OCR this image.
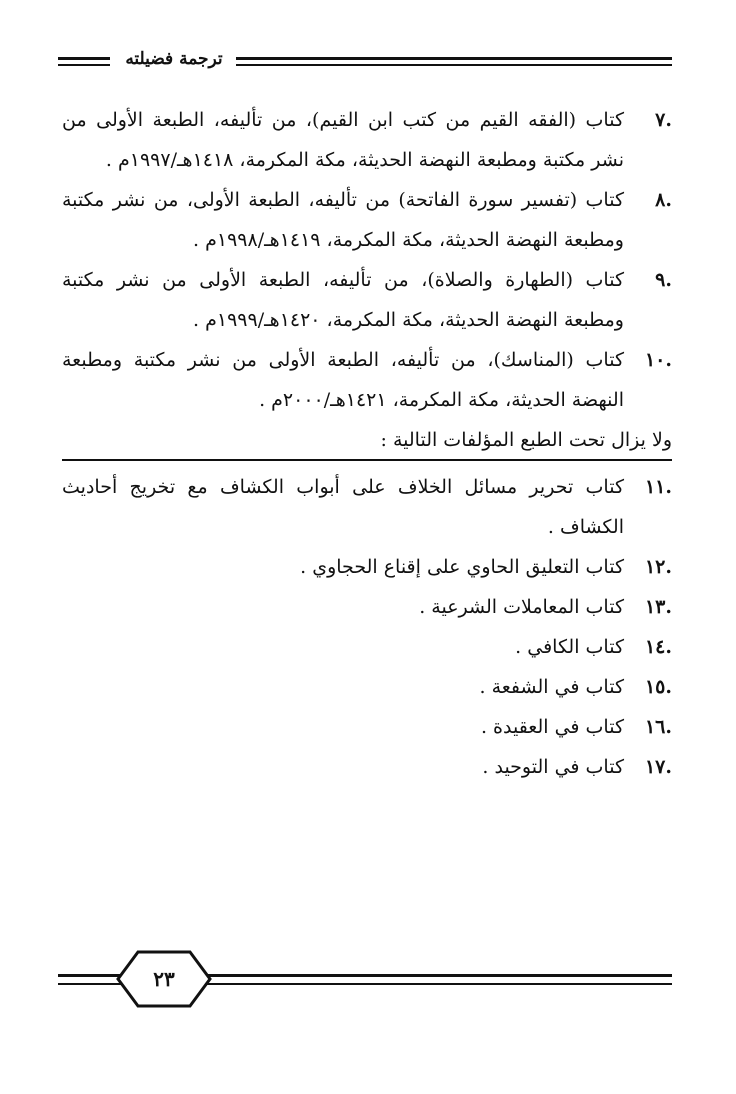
ترجمة فضيلته
.٧
كتاب (الفقه القيم من كتب ابن القيم)، من تأليفه، الطبعة الأولى من نشر مكتبة ومطبعة النهضة الحديثة، مكة المكرمة، ١٤١٨هـ/١٩٩٧م .
.٨
كتاب (تفسير سورة الفاتحة) من تأليفه، الطبعة الأولى، من نشر مكتبة ومطبعة النهضة الحديثة، مكة المكرمة، ١٤١٩هـ/١٩٩٨م .
.٩
كتاب (الطهارة والصلاة)، من تأليفه، الطبعة الأولى من نشر مكتبة ومطبعة النهضة الحديثة، مكة المكرمة، ١٤٢٠هـ/١٩٩٩م .
.١٠
كتاب (المناسك)، من تأليفه، الطبعة الأولى من نشر مكتبة ومطبعة النهضة الحديثة، مكة المكرمة، ١٤٢١هـ/٢٠٠٠م .
ولا يزال تحت الطبع المؤلفات التالية :
.١١
كتاب تحرير مسائل الخلاف على أبواب الكشاف مع تخريج أحاديث الكشاف .
.١٢
كتاب التعليق الحاوي على إقناع الحجاوي .
.١٣
كتاب المعاملات الشرعية .
.١٤
كتاب الكافي .
.١٥
كتاب في الشفعة .
.١٦
كتاب في العقيدة .
.١٧
كتاب في التوحيد .
٢٣
